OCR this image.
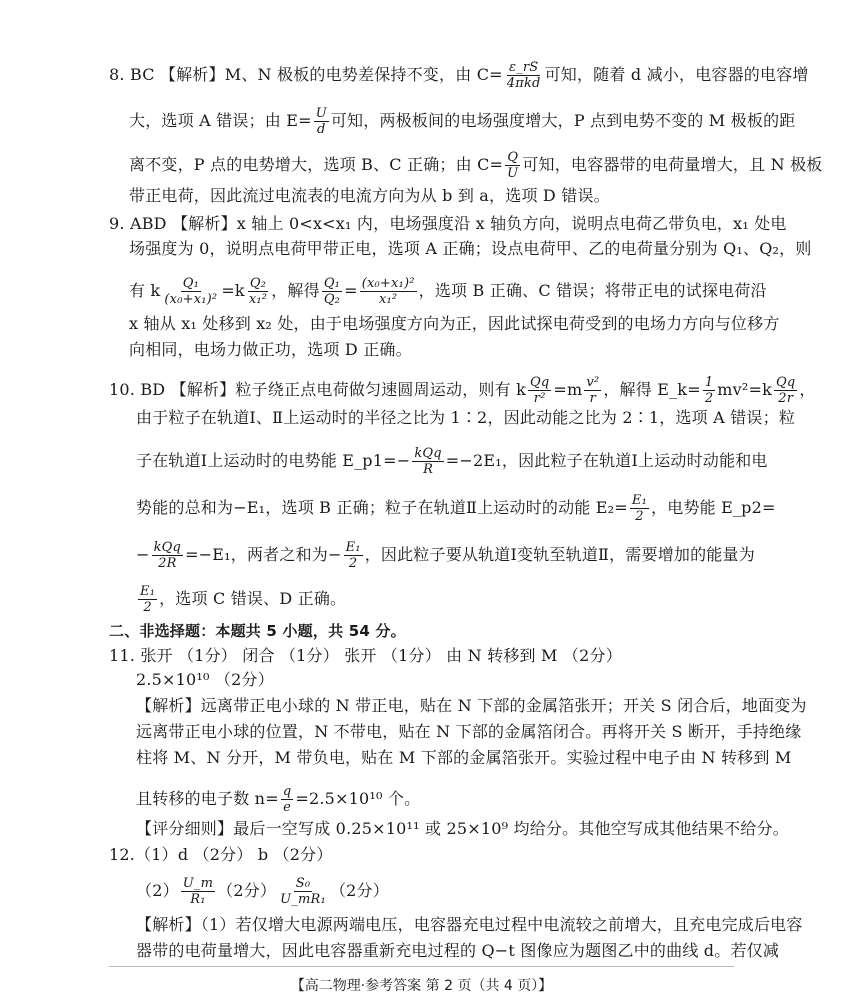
8. BC 【解析】M、N 极板的电势差保持不变，由 $C= \frac{\varepsilon\_rS}{\text{4πkd}}$ 可知，随着 d 减小，电容器的电容增
大，选项 A 错误；由 $E= \frac{U}{d}$ 可知，两极板间的电场强度增大，P 点到电势不变的 M 极板的距
离不变，P 点的电势增大，选项 B、C 正确；由 $C= \frac{Q}{U}$ 可知，电容器带的电荷量增大，且 N 极板
带正电荷，因此流过电流表的电流方向为从 b 到 a，选项 D 错误。
9. ABD 【解析】x 轴上 0<x<x₁ 内，电场强度沿 x 轴负方向，说明点电荷乙带负电，x₁ 处电
场强度为 0，说明点电荷甲带正电，选项 A 正确；设点电荷甲、乙的电荷量分别为 Q₁、Q₂，则
有 k $\frac{\text{Q₁}}{\text{(x₀+x₁)²}} =k \frac{\text{Q₂}}{\text{x₁²}}$ ，解得 $\frac{\text{Q₁}}{\text{Q₂}} = \frac{\text{(x₀+x₁)²}}{\text{x₁²}}$ ，选项 B 正确、C 错误；将带正电的试探电荷沿
x 轴从 x₁ 处移到 x₂ 处，由于电场强度方向为正，因此试探电荷受到的电场力方向与位移方
向相同，电场力做正功，选项 D 正确。
10. BD 【解析】粒子绕正点电荷做匀速圆周运动，则有 k $\frac{Qq}{\text{r²}} =m \frac{\text{v²}}{r}$ ，解得 E_k= $\frac{1}{2} mv^2=k \frac{Qq}{2r}$ ，
由于粒子在轨道Ⅰ、Ⅱ上运动时的半径之比为 1∶2，因此动能之比为 2∶1，选项 A 错误；粒
子在轨道Ⅰ上运动时的电势能 E_p1=− $\frac{\text{kQq}}{R} =-2E_1$，因此粒子在轨道Ⅰ上运动时动能和电
势能的总和为−E₁，选项 B 正确；粒子在轨道Ⅱ上运动时的动能 $E_2= \frac{\text{E₁}}{2}$ ，电势能 E_p2=
− $\frac{\text{kQq}}{2R} =-E_1$，两者之和为− $\frac{\text{E₁}}{2}$ ，因此粒子要从轨道Ⅰ变轨至轨道Ⅱ，需要增加的能量为
$\frac{\text{E₁}}{2}$ ，选项 C 错误、D 正确。
二、非选择题：本题共 5 小题，共 54 分。
11. 张开 （1分） 闭合 （1分） 张开 （1分） 由 N 转移到 M （2分）
2.5×10¹⁰ （2分）
【解析】远离带正电小球的 N 带正电，贴在 N 下部的金属箔张开；开关 S 闭合后，地面变为
远离带正电小球的位置，N 不带电，贴在 N 下部的金属箔闭合。再将开关 S 断开，手持绝缘
柱将 M、N 分开，M 带负电，贴在 M 下部的金属箔张开。实验过程中电子由 N 转移到 M
且转移的电子数 $n= \frac{q}{e} =2.5\times 10^{10}$ 个。
【评分细则】最后一空写成 0.25×10¹¹ 或 25×10⁹ 均给分。其他空写成其他结果不给分。
12.（1）d （2分） b （2分）
$(2) \frac{U\_m}{\text{R₁}} (2$分） $\frac{\text{S₀}}{\text{U\_mR₁}} (2$分）
【解析】（1）若仅增大电源两端电压，电容器充电过程中电流较之前增大，且充电完成后电容
器带的电荷量增大，因此电容器重新充电过程的 Q−t 图像应为题图乙中的曲线 d。若仅减
【高二物理·参考答案 第 2 页（共 4 页）】
